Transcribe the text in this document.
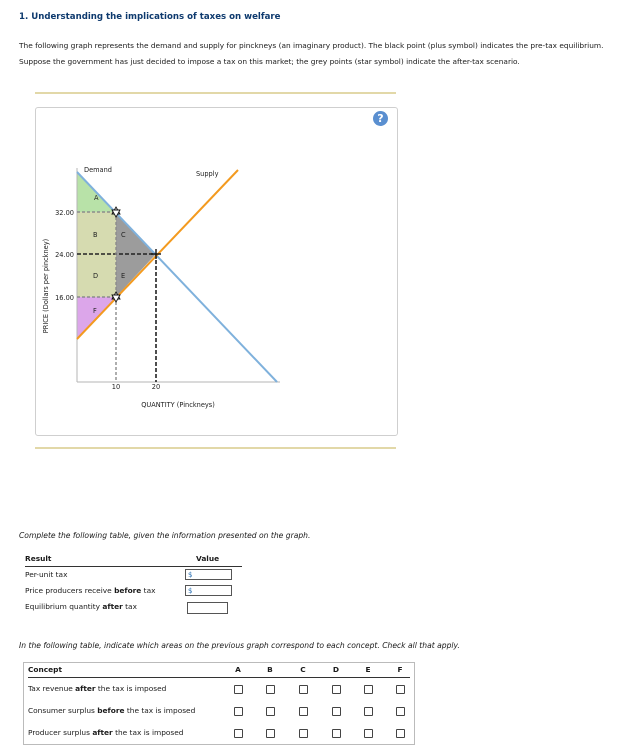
1. Understanding the implications of taxes on welfare
The following graph represents the demand and supply for pinckneys (an imaginary product). The black point (plus symbol) indicates the pre-tax equilibrium. Suppose the government has just decided to impose a tax on this market; the grey points (star symbol) indicate the after-tax scenario.
?
Demand	Supply
A
B	C
D	E
F
32.00
24.00
16.00
10	20
QUANTITY (Pinckneys)
PRICE (Dollars per pinckney)
Complete the following table, given the information presented on the graph.
Result	Value
Per-unit tax	$
Price producers receive before tax	$
Equilibrium quantity after tax
In the following table, indicate which areas on the previous graph correspond to each concept. Check all that apply.
Concept	A	B	C	D	E	F
Tax revenue after the tax is imposed
Consumer surplus before the tax is imposed
Producer surplus after the tax is imposed
